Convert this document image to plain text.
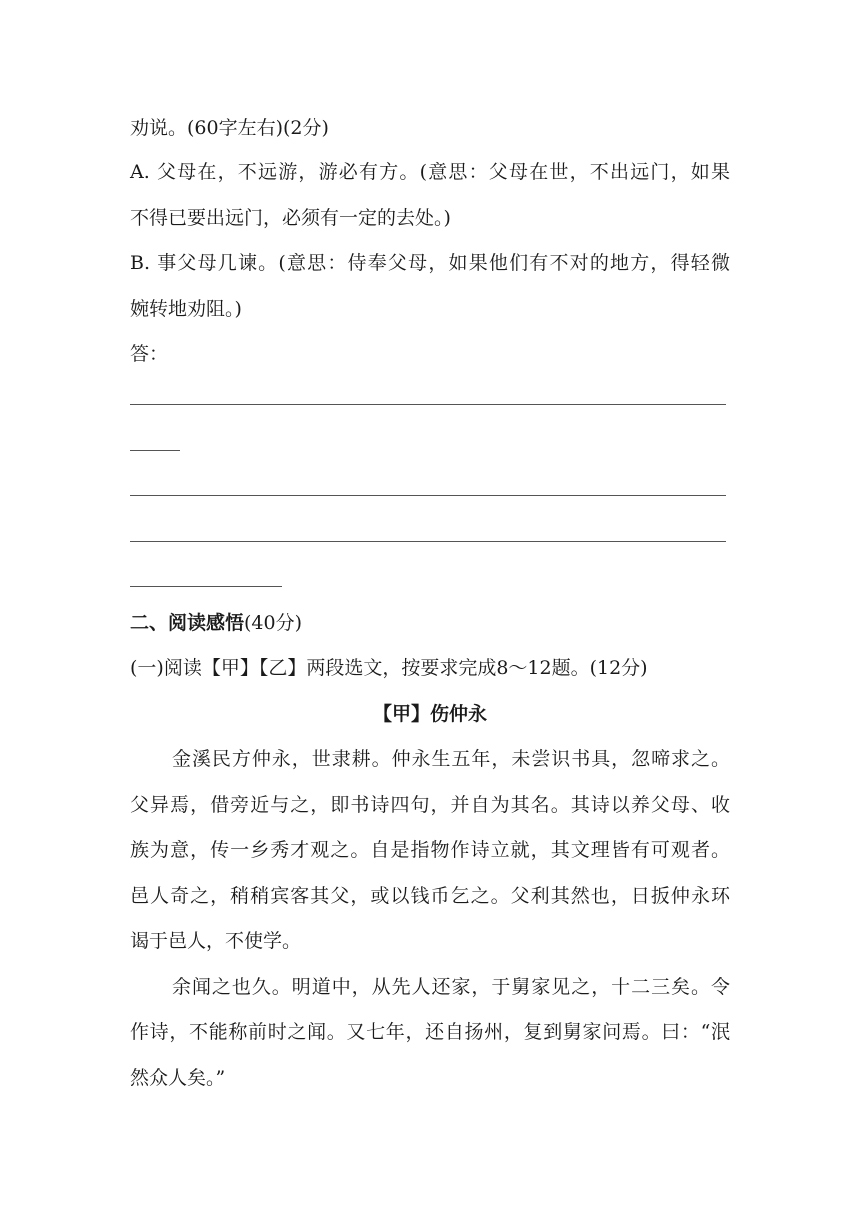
劝说。(60字左右)(2分)
A. 父母在，不远游，游必有方。(意思：父母在世，不出远门，如果
不得已要出远门，必须有一定的去处。)
B. 事父母几谏。(意思：侍奉父母，如果他们有不对的地方，得轻微
婉转地劝阻。)
答：
二、阅读感悟(40分)
(一)阅读【甲】【乙】两段选文，按要求完成8～12题。(12分)
【甲】伤仲永
金溪民方仲永，世隶耕。仲永生五年，未尝识书具，忽啼求之。
父异焉，借旁近与之，即书诗四句，并自为其名。其诗以养父母、收
族为意，传一乡秀才观之。自是指物作诗立就，其文理皆有可观者。
邑人奇之，稍稍宾客其父，或以钱币乞之。父利其然也，日扳仲永环
谒于邑人，不使学。
余闻之也久。明道中，从先人还家，于舅家见之，十二三矣。令
作诗，不能称前时之闻。又七年，还自扬州，复到舅家问焉。曰：“泯
然众人矣。”
